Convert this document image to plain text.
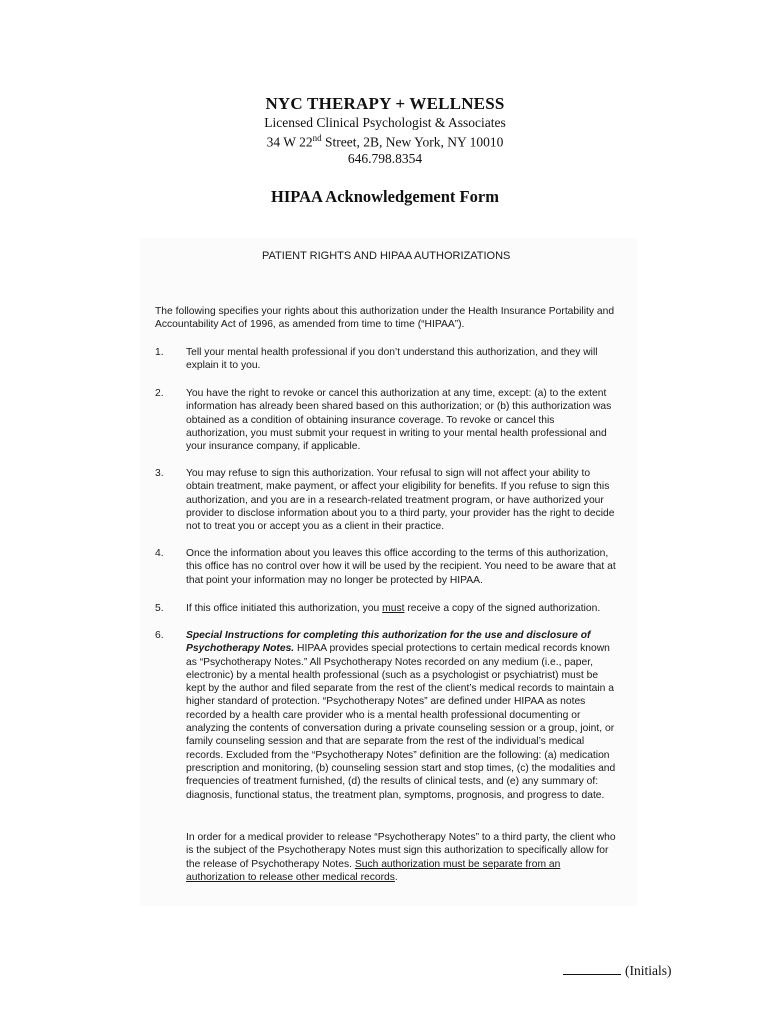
NYC THERAPY + WELLNESS
Licensed Clinical Psychologist & Associates
34 W 22nd Street, 2B, New York, NY 10010
646.798.8354
HIPAA Acknowledgement Form
PATIENT RIGHTS AND HIPAA AUTHORIZATIONS
The following specifies your rights about this authorization under the Health Insurance Portability and Accountability Act of 1996, as amended from time to time (“HIPAA”).
1. Tell your mental health professional if you don’t understand this authorization, and they will explain it to you.
2. You have the right to revoke or cancel this authorization at any time, except: (a) to the extent information has already been shared based on this authorization; or (b) this authorization was obtained as a condition of obtaining insurance coverage. To revoke or cancel this authorization, you must submit your request in writing to your mental health professional and your insurance company, if applicable.
3. You may refuse to sign this authorization. Your refusal to sign will not affect your ability to obtain treatment, make payment, or affect your eligibility for benefits. If you refuse to sign this authorization, and you are in a research-related treatment program, or have authorized your provider to disclose information about you to a third party, your provider has the right to decide not to treat you or accept you as a client in their practice.
4. Once the information about you leaves this office according to the terms of this authorization, this office has no control over how it will be used by the recipient. You need to be aware that at that point your information may no longer be protected by HIPAA.
5. If this office initiated this authorization, you must receive a copy of the signed authorization.
6. Special Instructions for completing this authorization for the use and disclosure of Psychotherapy Notes. HIPAA provides special protections to certain medical records known as “Psychotherapy Notes.” All Psychotherapy Notes recorded on any medium (i.e., paper, electronic) by a mental health professional (such as a psychologist or psychiatrist) must be kept by the author and filed separate from the rest of the client’s medical records to maintain a higher standard of protection. “Psychotherapy Notes” are defined under HIPAA as notes recorded by a health care provider who is a mental health professional documenting or analyzing the contents of conversation during a private counseling session or a group, joint, or family counseling session and that are separate from the rest of the individual’s medical records. Excluded from the “Psychotherapy Notes” definition are the following: (a) medication prescription and monitoring, (b) counseling session start and stop times, (c) the modalities and frequencies of treatment furnished, (d) the results of clinical tests, and (e) any summary of: diagnosis, functional status, the treatment plan, symptoms, prognosis, and progress to date.
In order for a medical provider to release “Psychotherapy Notes” to a third party, the client who is the subject of the Psychotherapy Notes must sign this authorization to specifically allow for the release of Psychotherapy Notes. Such authorization must be separate from an authorization to release other medical records.
(Initials)
